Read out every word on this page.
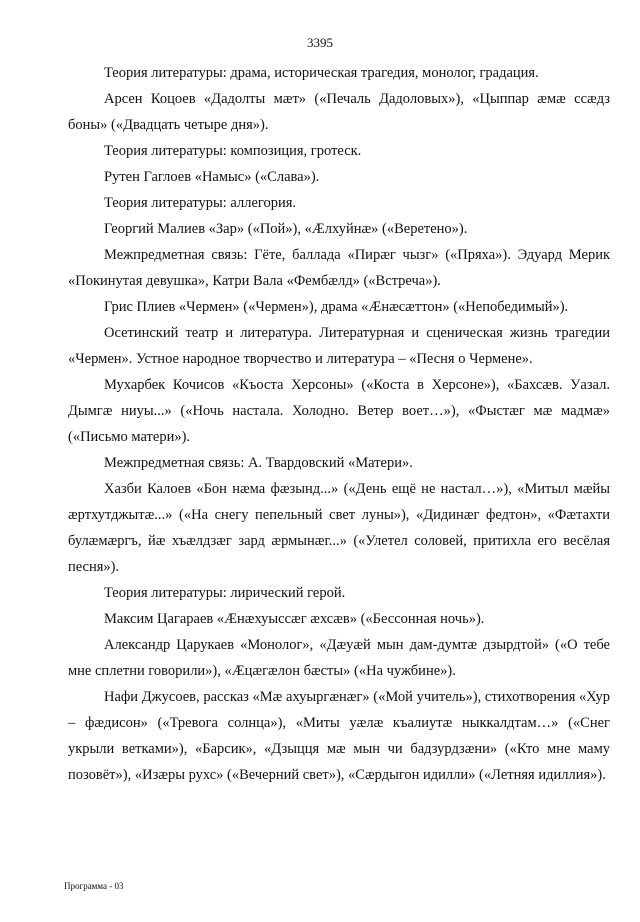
3395

Теория литературы: драма, историческая трагедия, монолог, градация.

Арсен Коцоев «Дадолты мæт» («Печаль Дадоловых»), «Цыппар æмæ ссæдз боны» («Двадцать четыре дня»).

Теория литературы: композиция, гротеск.

Рутен Гаглоев «Намыс» («Слава»).

Теория литературы: аллегория.

Георгий Малиев «Зар» («Пой»), «Ӕлхуйнæ» («Веретено»).

Межпредметная связь: Гёте, баллада «Пирæг чызг» («Пряха»). Эдуард Мерик «Покинутая девушка», Катри Вала «Фембæлд» («Встреча»).

Грис Плиев «Чермен» («Чермен»), драма «Ӕнæсæттон» («Непобедимый»).

Осетинский театр и литература. Литературная и сценическая жизнь трагедии «Чермен». Устное народное творчество и литература – «Песня о Чермене».

Мухарбек Кочисов «Къоста Херсоны» («Коста в Херсоне»), «Бахсæв. Уазал. Дымгæ ниуы...» («Ночь настала. Холодно. Ветер воет…»), «Фыстæг мæ мадмæ» («Письмо матери»).

Межпредметная связь: А. Твардовский «Матери».

Хазби Калоев «Бон нæма фæзынд...» («День ещё не настал…»), «Митыл мæйы æртхутджытæ...» («На снегу пепельный свет луны»), «Дидинæг федтон», «Фæтахти булæмæргъ, йæ хъæлдзæг зард æрмынæг...» («Улетел соловей, притихла его весёлая песня»).

Теория литературы: лирический герой.

Максим Цагараев «Ӕнæхуыссæг æхсæв» («Бессонная ночь»).

Александр Царукаев «Монолог», «Дæуæй мын дам-думтæ дзырдтой» («О тебе мне сплетни говорили»), «Ӕцæгæлон бæсты» («На чужбине»).

Нафи Джусоев, рассказ «Мæ ахуыргæнæг» («Мой учитель»), стихотворения «Хур – фæдисон» («Тревога солнца»), «Миты уæлæ къалиутæ ныккалдтам…» («Снег укрыли ветками»), «Барсик», «Дзыцця мæ мын чи бадзурдзæни» («Кто мне маму позовёт»), «Изæры рухс» («Вечерний свет»), «Сæрдыгон идилли» («Летняя идиллия»).

Программа - 03
